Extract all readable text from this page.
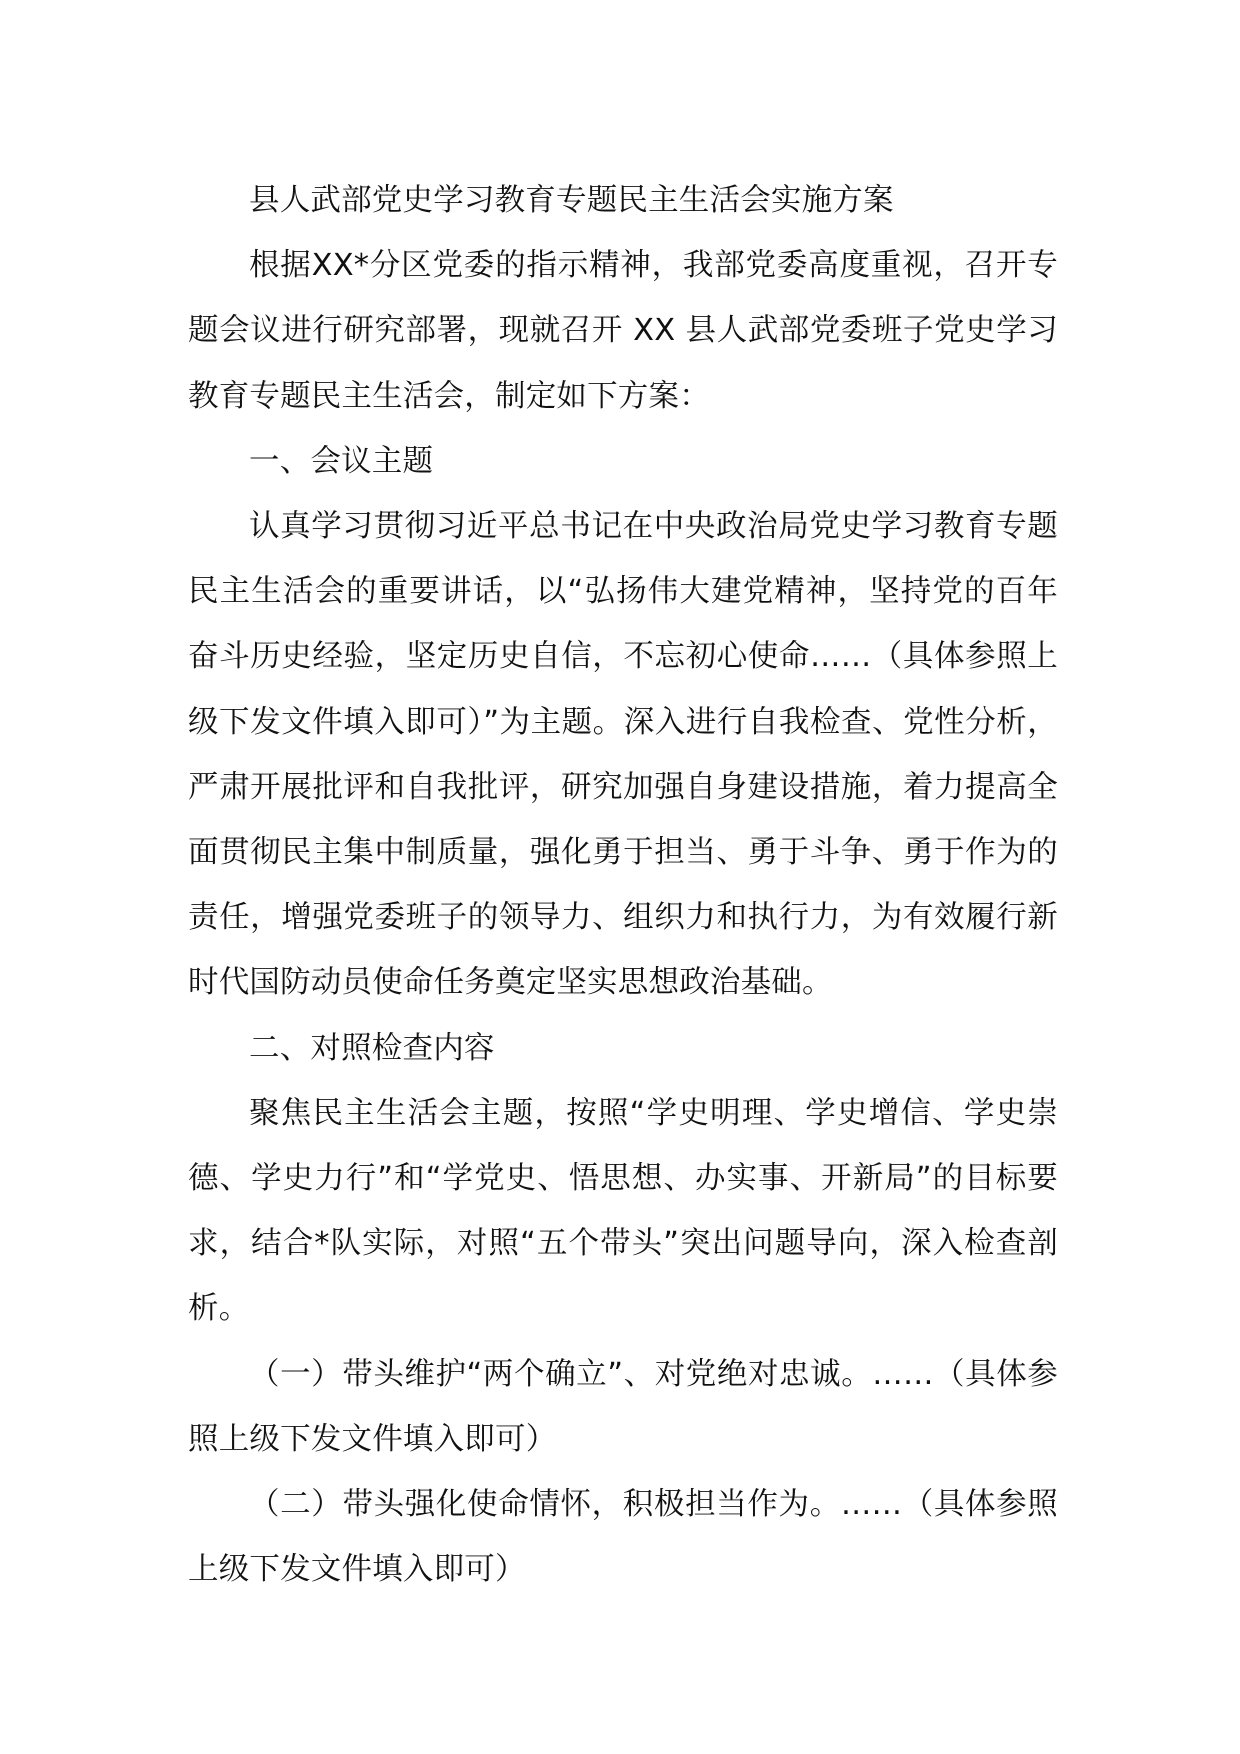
县人武部党史学习教育专题民主生活会实施方案

根据XX*分区党委的指示精神，我部党委高度重视，召开专题会议进行研究部署，现就召开 XX 县人武部党委班子党史学习教育专题民主生活会，制定如下方案：

一、会议主题

认真学习贯彻习近平总书记在中央政治局党史学习教育专题民主生活会的重要讲话，以“弘扬伟大建党精神，坚持党的百年奋斗历史经验，坚定历史自信，不忘初心使命……（具体参照上级下发文件填入即可）”为主题。深入进行自我检查、党性分析，严肃开展批评和自我批评，研究加强自身建设措施，着力提高全面贯彻民主集中制质量，强化勇于担当、勇于斗争、勇于作为的责任，增强党委班子的领导力、组织力和执行力，为有效履行新时代国防动员使命任务奠定坚实思想政治基础。

二、对照检查内容

聚焦民主生活会主题，按照“学史明理、学史增信、学史崇德、学史力行”和“学党史、悟思想、办实事、开新局”的目标要求，结合*队实际，对照“五个带头”突出问题导向，深入检查剖析。

（一）带头维护“两个确立”、对党绝对忠诚。……（具体参照上级下发文件填入即可）

（二）带头强化使命情怀，积极担当作为。……（具体参照上级下发文件填入即可）
